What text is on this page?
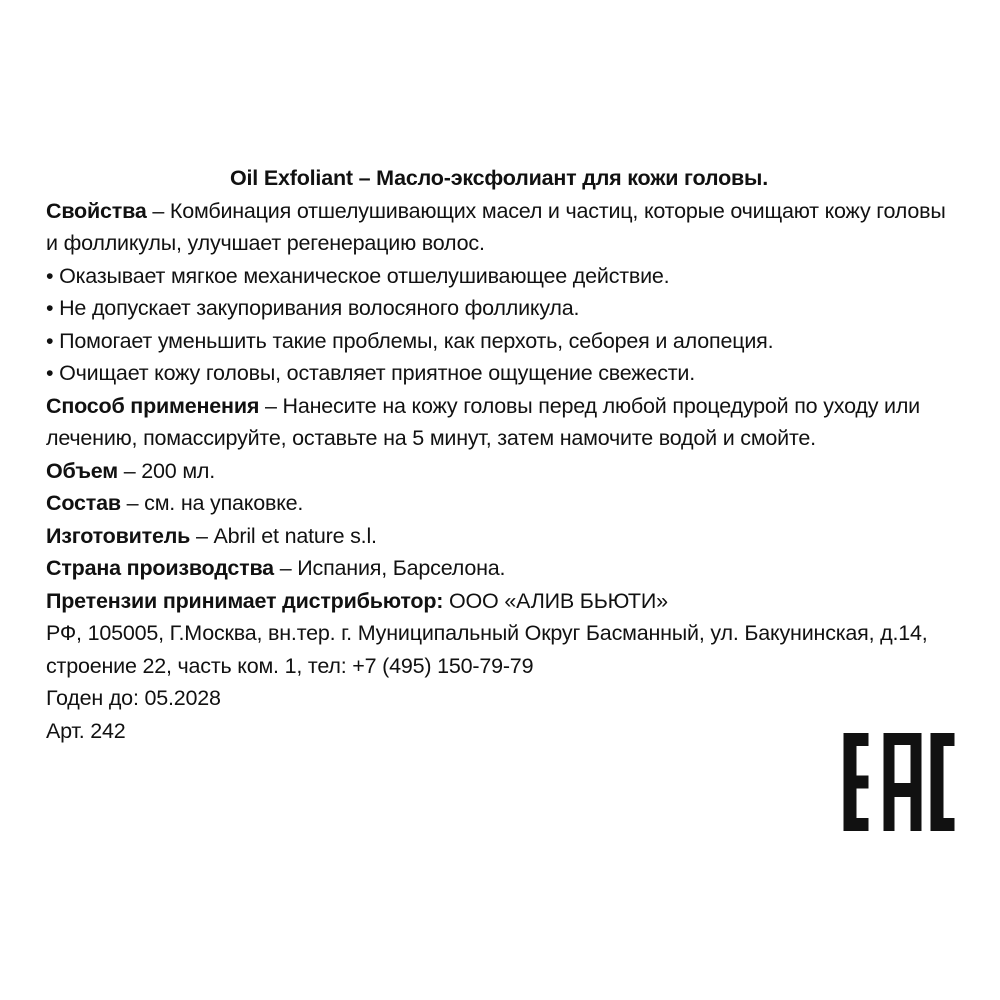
Oil Exfoliant – Масло-эксфолиант для кожи головы.

Свойства – Комбинация отшелушивающих масел и частиц, которые очищают кожу головы и фолликулы, улучшает регенерацию волос.

• Оказывает мягкое механическое отшелушивающее действие.

• Не допускает закупоривания волосяного фолликула.

• Помогает уменьшить такие проблемы, как перхоть, себорея и алопеция.

• Очищает кожу головы, оставляет приятное ощущение свежести.

Способ применения – Нанесите на кожу головы перед любой процедурой по уходу или лечению, помассируйте, оставьте на 5 минут, затем намочите водой и смойте.

Объем – 200 мл.

Состав – см. на упаковке.

Изготовитель – Abril et nature s.l.

Страна производства – Испания, Барселона.

Претензии принимает дистрибьютор: ООО «АЛИВ БЬЮТИ»

РФ, 105005, Г.Москва, вн.тер. г. Муниципальный Округ Басманный, ул. Бакунинская, д.14, строение 22, часть ком. 1, тел: +7 (495) 150-79-79

Годен до: 05.2028

Арт. 242
